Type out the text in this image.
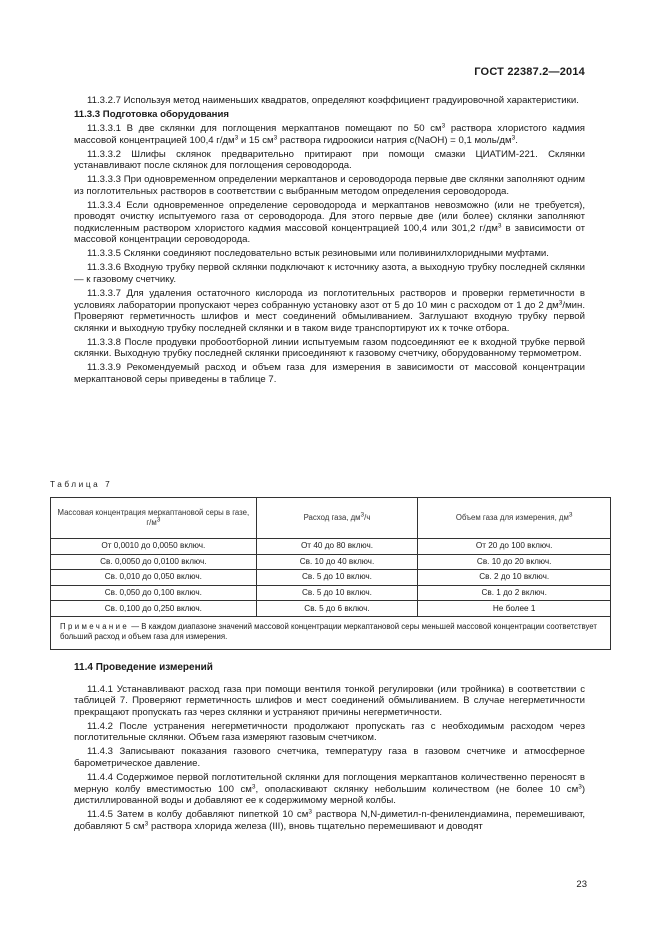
ГОСТ 22387.2—2014

11.3.2.7 Используя метод наименьших квадратов, определяют коэффициент градуировочной характеристики.

11.3.3 Подготовка оборудования

11.3.3.1 В две склянки для поглощения меркаптанов помещают по 50 $см^3$ раствора хлористого кадмия массовой концентрацией 100,4 $г/дм^3$ и 15 $см^3$ раствора гидроокиси натрия c(NaOH) = 0,1 моль/$дм^3$.

11.3.3.2 Шлифы склянок предварительно притирают при помощи смазки ЦИАТИМ-221. Склянки устанавливают после склянок для поглощения сероводорода.

11.3.3.3 При одновременном определении меркаптанов и сероводорода первые две склянки заполняют одним из поглотительных растворов в соответствии с выбранным методом определения сероводорода.

11.3.3.4 Если одновременное определение сероводорода и меркаптанов невозможно (или не требуется), проводят очистку испытуемого газа от сероводорода. Для этого первые две (или более) склянки заполняют подкисленным раствором хлористого кадмия массовой концентрацией 100,4 или 301,2 $г/дм^3$ в зависимости от массовой концентрации сероводорода.

11.3.3.5 Склянки соединяют последовательно встык резиновыми или поливинилхлоридными муфтами.

11.3.3.6 Входную трубку первой склянки подключают к источнику азота, а выходную трубку последней склянки — к газовому счетчику.

11.3.3.7 Для удаления остаточного кислорода из поглотительных растворов и проверки герметичности в условиях лаборатории пропускают через собранную установку азот от 5 до 10 мин с расходом от 1 до 2 $дм^3$/мин. Проверяют герметичность шлифов и мест соединений обмыливанием. Заглушают входную трубку первой склянки и выходную трубку последней склянки и в таком виде транспортируют их к точке отбора.

11.3.3.8 После продувки пробоотборной линии испытуемым газом подсоединяют ее к входной трубке первой склянки. Выходную трубку последней склянки присоединяют к газовому счетчику, оборудованному термометром.

11.3.3.9 Рекомендуемый расход и объем газа для измерения в зависимости от массовой концентрации меркаптановой серы приведены в таблице 7.

Таблица 7
Массовая концентрация меркаптановой серы в газе, $г/м^3$	Расход газа, $дм^3/ч$	Объем газа для измерения, $дм^3$
От 0,0010 до 0,0050 включ.	От 40 до 80 включ.	От 20 до 100 включ.
Св. 0,0050 до 0,0100 включ.	Св. 10 до 40 включ.	Св. 10 до 20 включ.
Св. 0,010 до 0,050 включ.	Св. 5 до 10 включ.	Св. 2 до 10 включ.
Св. 0,050 до 0,100 включ.	Св. 5 до 10 включ.	Св. 1 до 2 включ.
Св. 0,100 до 0,250 включ.	Св. 5 до 6 включ.	Не более 1
Примечание — В каждом диапазоне значений массовой концентрации меркаптановой серы меньшей массовой концентрации соответствует больший расход и объем газа для измерения.		

11.4 Проведение измерений

11.4.1 Устанавливают расход газа при помощи вентиля тонкой регулировки (или тройника) в соответствии с таблицей 7. Проверяют герметичность шлифов и мест соединений обмыливанием. В случае негерметичности прекращают пропускать газ через склянки и устраняют причины негерметичности.

11.4.2 После устранения негерметичности продолжают пропускать газ с необходимым расходом через поглотительные склянки. Объем газа измеряют газовым счетчиком.

11.4.3 Записывают показания газового счетчика, температуру газа в газовом счетчике и атмосферное барометрическое давление.

11.4.4 Содержимое первой поглотительной склянки для поглощения меркаптанов количественно переносят в мерную колбу вместимостью 100 $см^3$, ополаскивают склянку небольшим количеством (не более 10 $см^3$) дистиллированной воды и добавляют ее к содержимому мерной колбы.

11.4.5 Затем в колбу добавляют пипеткой 10 $см^3$ раствора N,N-диметил-n-фенилендиамина, перемешивают, добавляют 5 $см^3$ раствора хлорида железа (III), вновь тщательно перемешивают и доводят

23
